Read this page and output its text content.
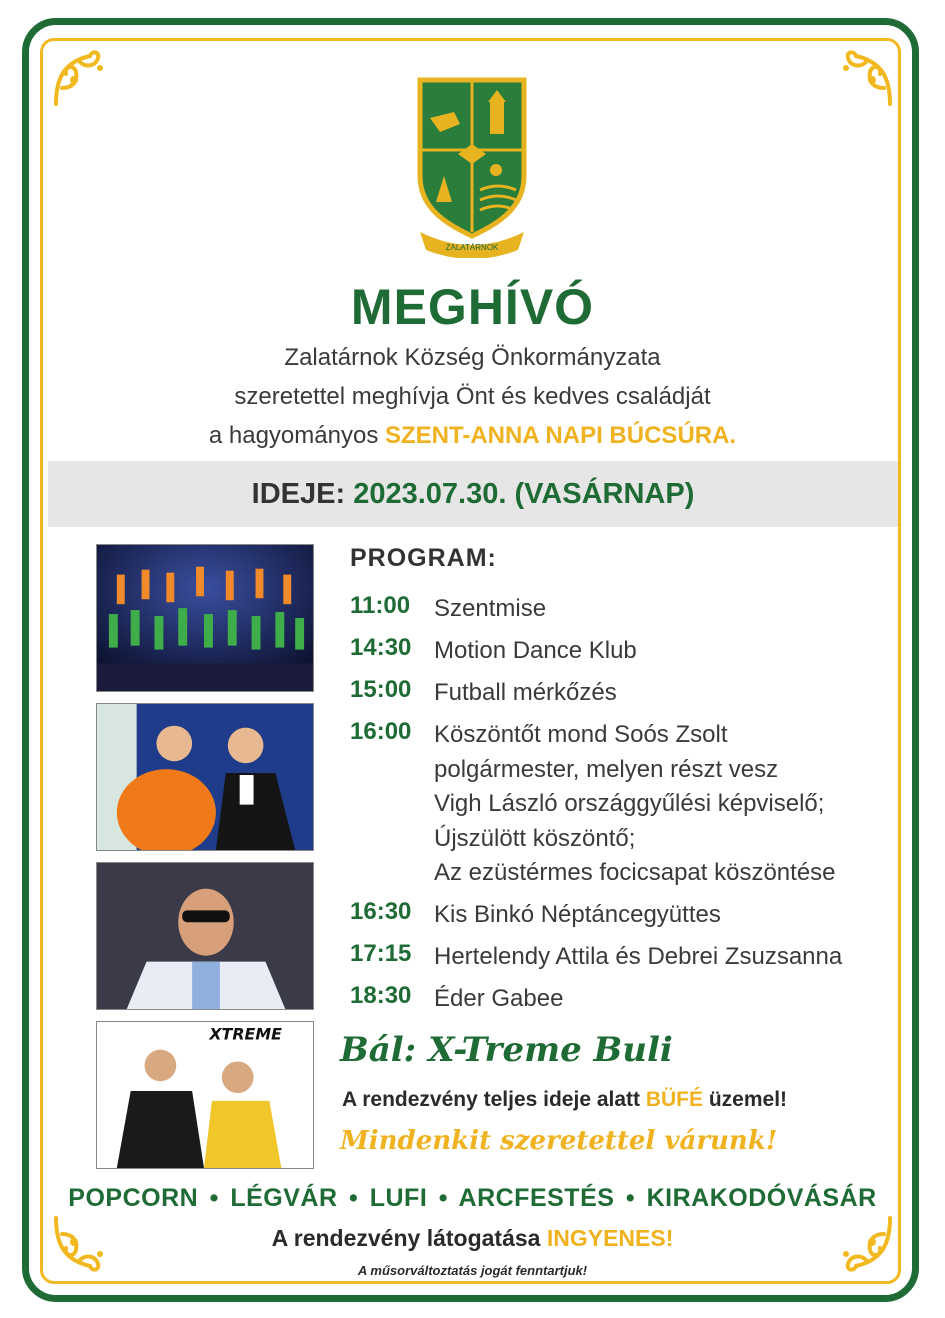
ZALATÁRNOK
MEGHÍVÓ
Zalatárnok Község Önkormányzata
szeretettel meghívja Önt és kedves családját
a hagyományos SZENT-ANNA NAPI BÚCSÚRA.
IDEJE: 2023.07.30. (VASÁRNAP)
XTREME
PROGRAM:
11:00 Szentmise
14:30 Motion Dance Klub
15:00 Futball mérkőzés
16:00 Köszöntőt mond Soós Zsolt
polgármester, melyen részt vesz
Vigh László országgyűlési képviselő;
Újszülött köszöntő;
Az ezüstérmes focicsapat köszöntése
16:30 Kis Binkó Néptáncegyüttes
17:15 Hertelendy Attila és Debrei Zsuzsanna
18:30 Éder Gabee
Bál: X-Treme Buli
A rendezvény teljes ideje alatt BÜFÉ üzemel!
Mindenkit szeretettel várunk!
POPCORN • LÉGVÁR • LUFI • ARCFESTÉS • KIRAKODÓVÁSÁR
A rendezvény látogatása INGYENES!
A műsorváltoztatás jogát fenntartjuk!
